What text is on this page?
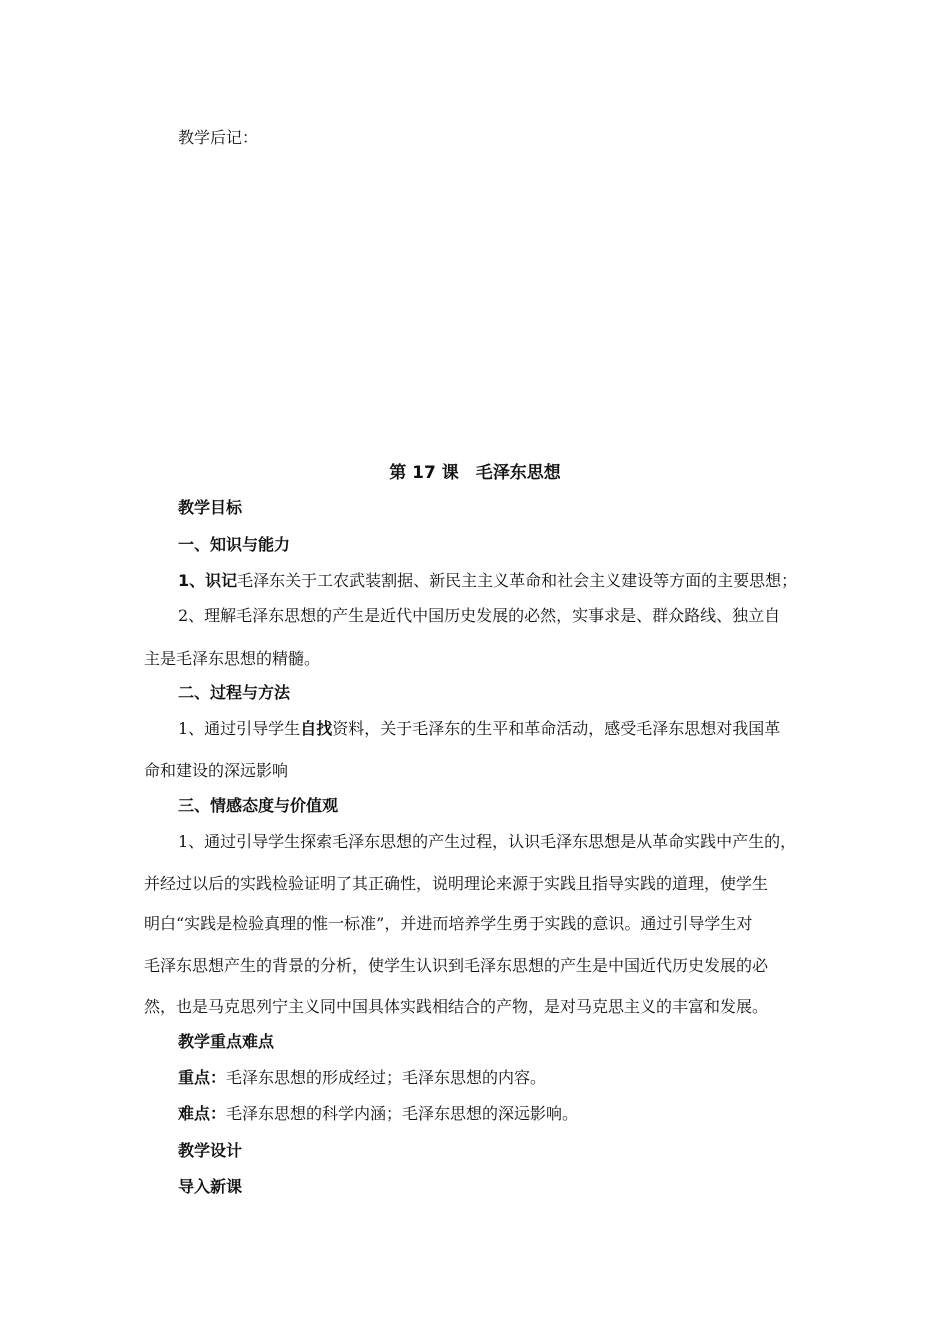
教学后记：
第 17 课　毛泽东思想
教学目标
一、知识与能力
1、识记毛泽东关于工农武装割据、新民主主义革命和社会主义建设等方面的主要思想；
2、理解毛泽东思想的产生是近代中国历史发展的必然，实事求是、群众路线、独立自
主是毛泽东思想的精髓。
二、过程与方法
1、通过引导学生自找资料，关于毛泽东的生平和革命活动，感受毛泽东思想对我国革
命和建设的深远影响
三、情感态度与价值观
1、通过引导学生探索毛泽东思想的产生过程，认识毛泽东思想是从革命实践中产生的，
并经过以后的实践检验证明了其正确性，说明理论来源于实践且指导实践的道理，使学生
明白“实践是检验真理的惟一标准”，并进而培养学生勇于实践的意识。通过引导学生对
毛泽东思想产生的背景的分析，使学生认识到毛泽东思想的产生是中国近代历史发展的必
然，也是马克思列宁主义同中国具体实践相结合的产物，是对马克思主义的丰富和发展。
教学重点难点
重点：毛泽东思想的形成经过；毛泽东思想的内容。
难点：毛泽东思想的科学内涵；毛泽东思想的深远影响。
教学设计
导入新课
